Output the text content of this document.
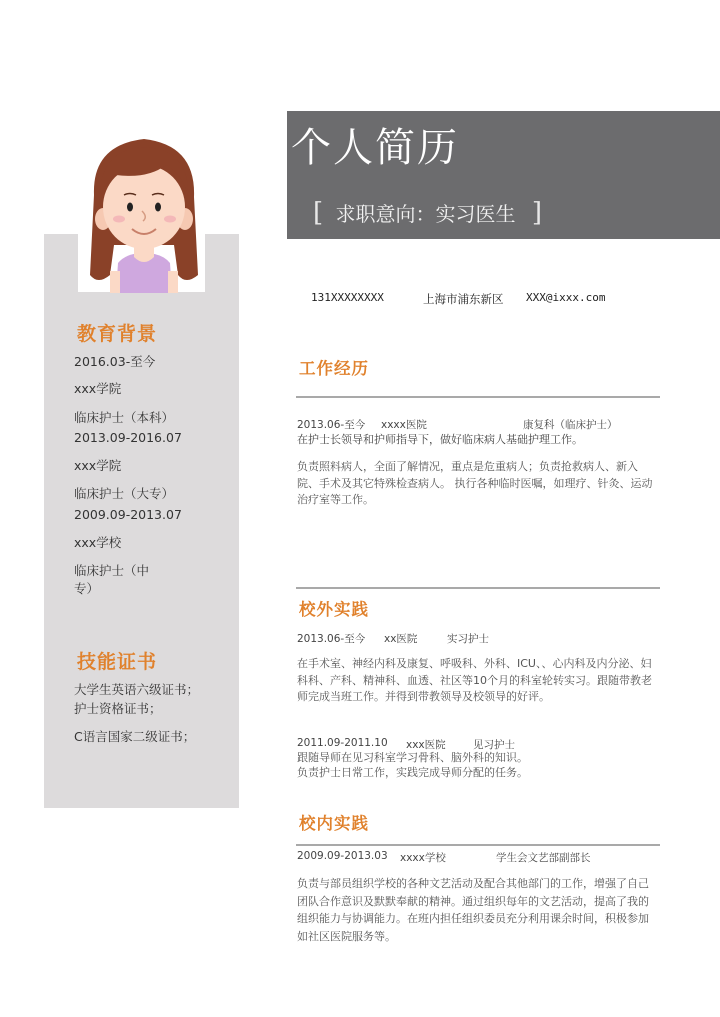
教育背景
2016.03-至今
xxx学院
临床护士（本科）
2013.09-2016.07
xxx学院
临床护士（大专）
2009.09-2013.07
xxx学校
临床护士（中
专）
技能证书
大学生英语六级证书；
护士资格证书；
C语言国家二级证书；
个人简历
[ 求职意向：实习医生 ]
131XXXXXXXX	上海市浦东新区 XXX@ixxx.com
工作经历
2013.06-至今 xxxx医院	康复科（临床护士）
在护士长领导和护师指导下，做好临床病人基础护理工作。
负责照料病人，全面了解情况，重点是危重病人；负责抢救病人、新入院、手术及其它特殊检查病人。 执行各种临时医嘱，如理疗、针灸、运动治疗室等工作。
校外实践
2013.06-至今 xx医院	实习护士
在手术室、神经内科及康复、呼吸科、外科、ICU、、心内科及内分泌、妇科科、产科、精神科、血透、社区等10个月的科室轮转实习。跟随带教老师完成当班工作。并得到带教领导及校领导的好评。
2011.09-2011.10 xxx医院	见习护士
跟随导师在见习科室学习骨科、脑外科的知识。
负责护士日常工作，实践完成导师分配的任务。
校内实践
2009.09-2013.03 xxxx学校	学生会文艺部副部长
负责与部员组织学校的各种文艺活动及配合其他部门的工作，增强了自己团队合作意识及默默奉献的精神。通过组织每年的文艺活动，提高了我的组织能力与协调能力。在班内担任组织委员充分利用课余时间，积极参加如社区医院服务等。
